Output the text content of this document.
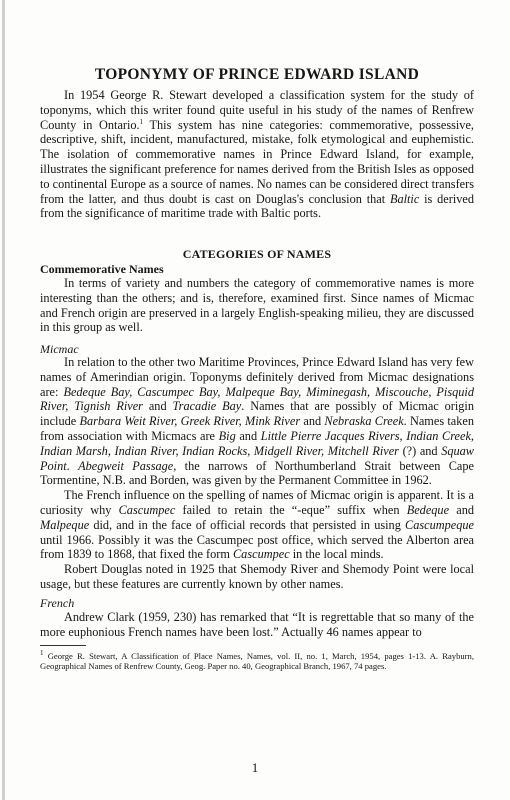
TOPONYMY OF PRINCE EDWARD ISLAND

In 1954 George R. Stewart developed a classification system for the study of toponyms, which this writer found quite useful in his study of the names of Renfrew County in Ontario.$^1$ This system has nine categories: commemorative, possessive, descriptive, shift, incident, manufactured, mistake, folk etymological and euphemistic. The isolation of commemorative names in Prince Edward Island, for example, illustrates the significant preference for names derived from the British Isles as opposed to continental Europe as a source of names. No names can be considered direct transfers from the latter, and thus doubt is cast on Douglas's conclusion that Baltic is derived from the significance of maritime trade with Baltic ports.

CATEGORIES OF NAMES
Commemorative Names

In terms of variety and numbers the category of commemorative names is more interesting than the others; and is, therefore, examined first. Since names of Micmac and French origin are preserved in a largely English-speaking milieu, they are discussed in this group as well.

Micmac

In relation to the other two Maritime Provinces, Prince Edward Island has very few names of Amerindian origin. Toponyms definitely derived from Micmac designations are: Bedeque Bay, Cascumpec Bay, Malpeque Bay, Miminegash, Miscouche, Pisquid River, Tignish River and Tracadie Bay. Names that are possibly of Micmac origin include Barbara Weit River, Greek River, Mink River and Nebraska Creek. Names taken from association with Micmacs are Big and Little Pierre Jacques Rivers, Indian Creek, Indian Marsh, Indian River, Indian Rocks, Midgell River, Mitchell River (?) and Squaw Point. Abegweit Passage, the narrows of Northumberland Strait between Cape Tormentine, N.B. and Borden, was given by the Permanent Committee in 1962.

The French influence on the spelling of names of Micmac origin is apparent. It is a curiosity why Cascumpec failed to retain the “-eque” suffix when Bedeque and Malpeque did, and in the face of official records that persisted in using Cascumpeque until 1966. Possibly it was the Cascumpec post office, which served the Alberton area from 1839 to 1868, that fixed the form Cascumpec in the local minds.

Robert Douglas noted in 1925 that Shemody River and Shemody Point were local usage, but these features are currently known by other names.

French

Andrew Clark (1959, 230) has remarked that “It is regrettable that so many of the more euphonious French names have been lost.” Actually 46 names appear to

$^1$ George R. Stewart, A Classification of Place Names, Names, vol. II, no. 1, March, 1954, pages 1-13. A. Rayburn, Geographical Names of Renfrew County, Geog. Paper no. 40, Geographical Branch, 1967, 74 pages.
1
